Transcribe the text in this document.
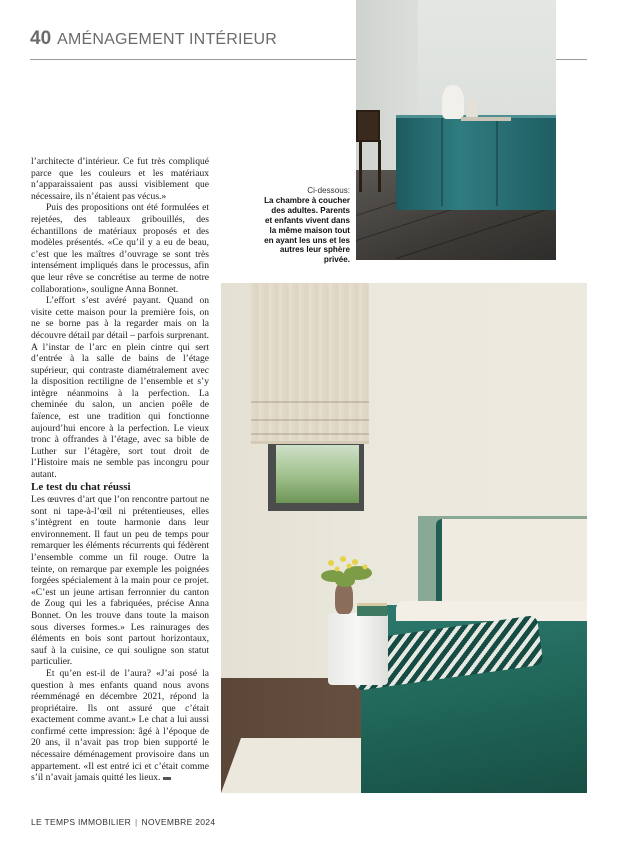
40 AMÉNAGEMENT INTÉRIEUR
Ci-dessous:
La chambre à coucher des adultes. Parents et enfants vivent dans la même maison tout en ayant les uns et les autres leur sphère privée.

l’architecte d’intérieur. Ce fut très compliqué parce que les couleurs et les matériaux n’apparaissaient pas aussi visiblement que nécessaire, ils n’étaient pas vécus.»

Puis des propositions ont été formulées et rejetées, des tableaux gribouillés, des échantillons de matériaux proposés et des modèles présentés. «Ce qu’il y a eu de beau, c’est que les maîtres d’ouvrage se sont très intensément impliqués dans le processus, afin que leur rêve se concrétise au terme de notre collaboration», souligne Anna Bonnet.

L’effort s’est avéré payant. Quand on visite cette maison pour la première fois, on ne se borne pas à la regarder mais on la découvre détail par détail – parfois surprenant. A l’instar de l’arc en plein cintre qui sert d’entrée à la salle de bains de l’étage supérieur, qui contraste diamétralement avec la disposition rectiligne de l’ensemble et s’y intègre néanmoins à la perfection. La cheminée du salon, un ancien poêle de faïence, est une tradition qui fonctionne aujourd’hui encore à la perfection. Le vieux tronc à offrandes à l’étage, avec sa bible de Luther sur l’étagère, sort tout droit de l’Histoire mais ne semble pas incongru pour autant.

Le test du chat réussi

Les œuvres d’art que l’on rencontre partout ne sont ni tape-à-l’œil ni prétentieuses, elles s’intègrent en toute harmonie dans leur environnement. Il faut un peu de temps pour remarquer les éléments récurrents qui fédèrent l’ensemble comme un fil rouge. Outre la teinte, on remarque par exemple les poignées forgées spécialement à la main pour ce projet. «C’est un jeune artisan ferronnier du canton de Zoug qui les a fabriquées, précise Anna Bonnet. On les trouve dans toute la maison sous diverses formes.» Les rainurages des éléments en bois sont partout horizontaux, sauf à la cuisine, ce qui souligne son statut particulier.

Et qu’en est-il de l’aura? «J’ai posé la question à mes enfants quand nous avons réemménagé en décembre 2021, répond la propriétaire. Ils ont assuré que c’était exactement comme avant.» Le chat a lui aussi confirmé cette impression: âgé à l’époque de 20 ans, il n’avait pas trop bien supporté le nécessaire déménagement provisoire dans un appartement. «Il est entré ici et c’était comme s’il n’avait jamais quitté les lieux.

LE TEMPS IMMOBILIER | NOVEMBRE 2024
